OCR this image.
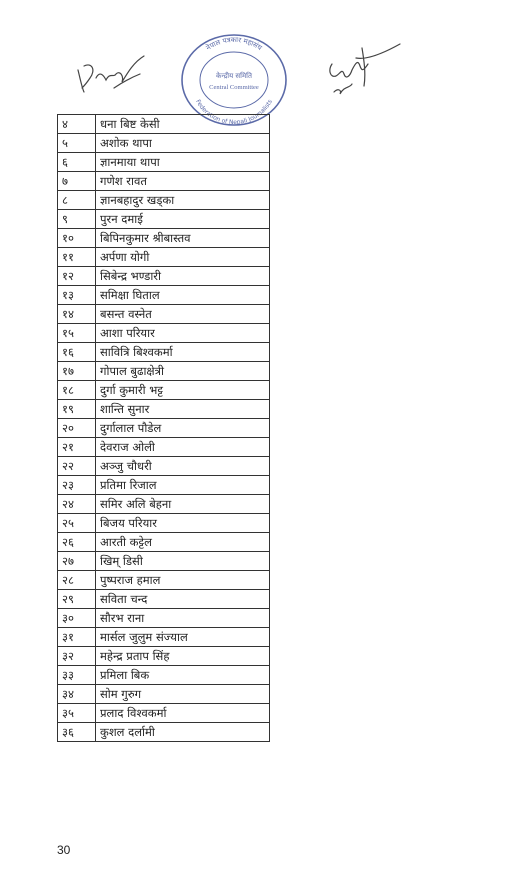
नेपाल पत्रकार महासंघ
Federation of Nepali Journalists
केन्द्रीय समिति
Central Committee
४	धना बिष्ट केसी
५	अशोक थापा
६	ज्ञानमाया थापा
७	गणेश रावत
८	ज्ञानबहादुर खड्का
९	पुरन दमाई
१०	बिपिनकुमार श्रीबास्तव
११	अर्पणा योगी
१२	सिबेन्द्र भण्डारी
१३	समिक्षा घिताल
१४	बसन्त वस्नेत
१५	आशा परियार
१६	सावित्रि बिश्वकर्मा
१७	गोपाल बुढाक्षेत्री
१८	दुर्गा कुमारी भट्ट
१९	शान्ति सुनार
२०	दुर्गालाल पौडेल
२१	देवराज ओली
२२	अञ्जु चौधरी
२३	प्रतिमा रिजाल
२४	समिर अलि बेहना
२५	बिजय परियार
२६	आरती कट्टेल
२७	खिम् डिसी
२८	पुष्पराज हमाल
२९	सविता चन्द
३०	सौरभ राना
३१	मार्सल जुलुम संज्याल
३२	महेन्द्र प्रताप सिंह
३३	प्रमिला बिक
३४	सोम गुरुग
३५	प्रलाद विश्वकर्मा
३६	कुशल दर्लामी
30
